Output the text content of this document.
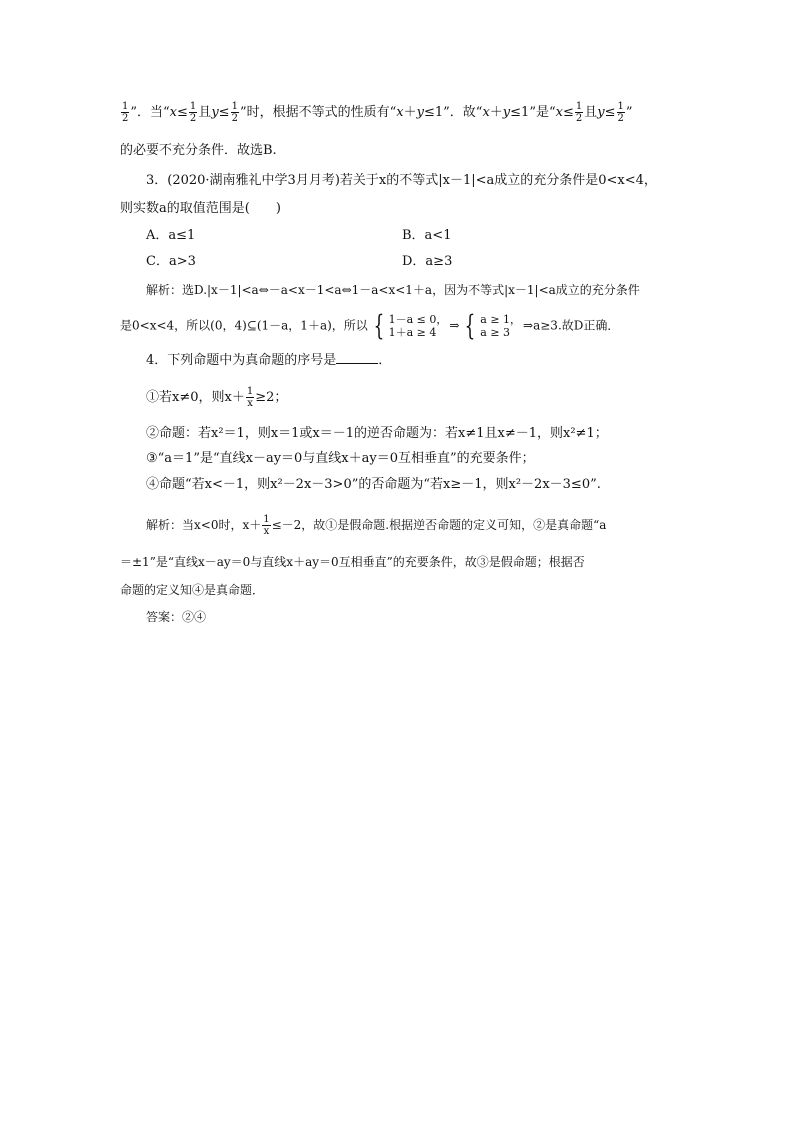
$\frac{1}{2}$ ”．当“$x\le \frac{1}{2}$ 且$y\le \frac{1}{2}$ ”时，根据不等式的性质有“x＋y≤1”．故“x＋y≤1”是“$x\le \frac{1}{2}$ 且$y\le \frac{1}{2}$ ”
的必要不充分条件．故选B.
3．(2020·湖南雅礼中学3月月考)若关于x的不等式|x－1|<a成立的充分条件是0<x<4，
则实数a的取值范围是(　　)
A．a≤1	B．a<1
C．a>3	D．a≥3
解析：选D.|x－1|<a⇔－a<x－1<a⇔1－a<x<1＋a，因为不等式|x－1|<a成立的充分条件
是0<x<4，所以(0，4)⊆(1－a，1＋a)，所以 { 1－a ≤ 0，
1＋a ≥ 4	⇒ { a ≥ 1，
a ≥ 3	⇒a≥3.故D正确．
4．下列命题中为真命题的序号是	．
①若x≠0，则$x+ \frac{1}{x} \ge 2$；
②命题：若x²＝1，则x＝1或x＝－1的逆否命题为：若x≠1且x≠－1，则x²≠1；
③“a＝1”是“直线x－ay＝0与直线x＋ay＝0互相垂直”的充要条件；
④命题“若x<－1，则x²－2x－3>0”的否命题为“若x≥－1，则x²－2x－3≤0”.
解析：当x<0时，$x+ \frac{1}{x} \le-2$，故①是假命题.根据逆否命题的定义可知，②是真命题“a
＝±1”是“直线x－ay＝0与直线x＋ay＝0互相垂直”的充要条件，故③是假命题；根据否
命题的定义知④是真命题．
答案：②④
